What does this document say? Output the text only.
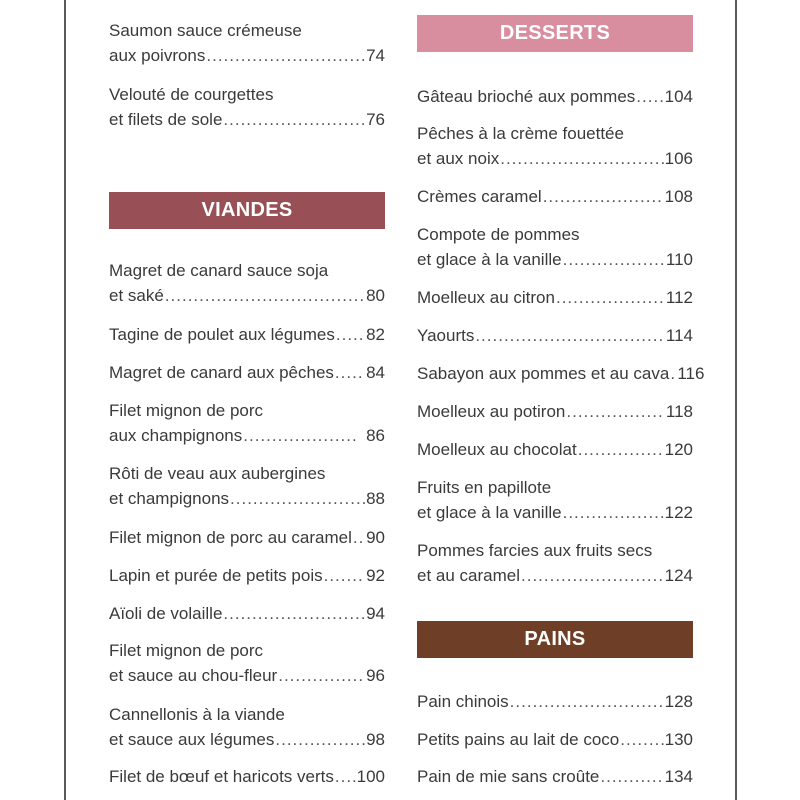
Saumon sauce crémeuse
aux poivrons .....	74
Velouté de courgettes
et filets de sole .....	76
VIANDES
Magret de canard sauce soja
et saké .....	80
Tagine de poulet aux légumes ..... 82
Magret de canard aux pêches ..... 84
Filet mignon de porc
aux champignons .....	86
Rôti de veau aux aubergines
et champignons .....	88
Filet mignon de porc au caramel ..... 90
Lapin et purée de petits pois .....	92
Aïoli de volaille .....	94
Filet mignon de porc
et sauce au chou-fleur .....	96
Cannellonis à la viande
et sauce aux légumes .....	98
Filet de bœuf et haricots verts ..... 100
DESSERTS
Gâteau brioché aux pommes ..... 104
Pêches à la crème fouettée
et aux noix .....	106
Crèmes caramel .....	108
Compote de pommes
et glace à la vanille .....	110
Moelleux au citron .....	112
Yaourts .....	114
Sabayon aux pommes et au cava ..... 116
Moelleux au potiron .....	118
Moelleux au chocolat .....	120
Fruits en papillote
et glace à la vanille .....	122
Pommes farcies aux fruits secs
et au caramel .....	124
PAINS
Pain chinois .....	128
Petits pains au lait de coco .....	130
Pain de mie sans croûte .....	134
